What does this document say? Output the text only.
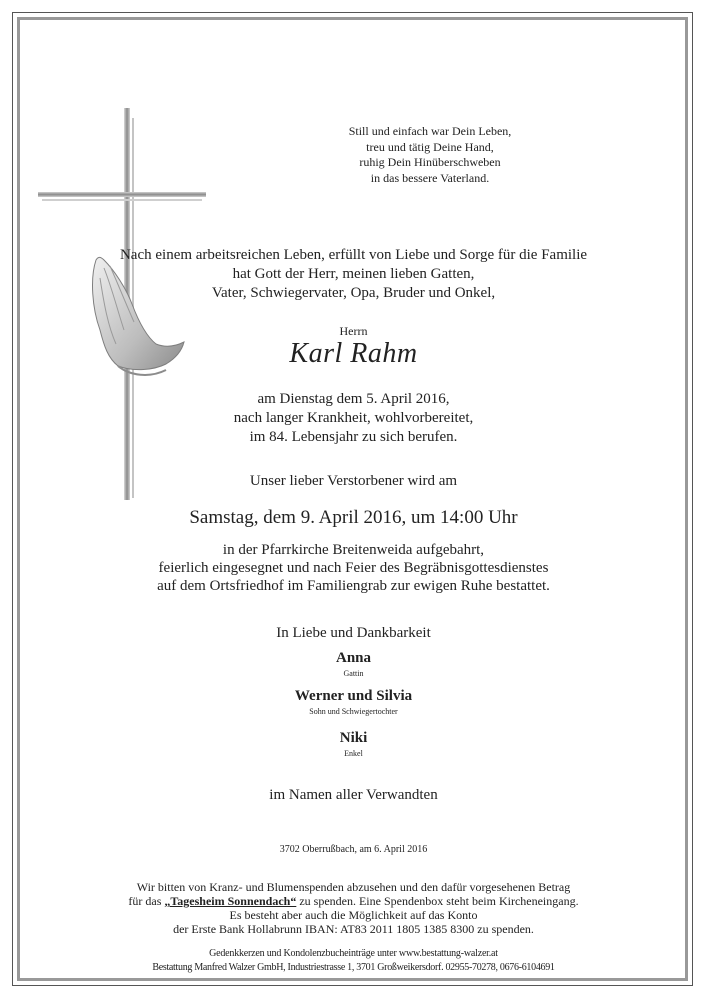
Still und einfach war Dein Leben,
treu und tätig Deine Hand,
ruhig Dein Hinüberschweben
in das bessere Vaterland.
Nach einem arbeitsreichen Leben, erfüllt von Liebe und Sorge für die Familie
hat Gott der Herr, meinen lieben Gatten,
Vater, Schwiegervater, Opa, Bruder und Onkel,
Herrn
Karl Rahm
am Dienstag dem 5. April 2016,
nach langer Krankheit, wohlvorbereitet,
im 84. Lebensjahr zu sich berufen.
Unser lieber Verstorbener wird am
Samstag, dem 9. April 2016, um 14:00 Uhr
in der Pfarrkirche Breitenweida aufgebahrt,
feierlich eingesegnet und nach Feier des Begräbnisgottesdienstes
auf dem Ortsfriedhof im Familiengrab zur ewigen Ruhe bestattet.
In Liebe und Dankbarkeit
Anna
Gattin
Werner und Silvia
Sohn und Schwiegertochter
Niki
Enkel
im Namen aller Verwandten
3702 Oberrußbach, am 6. April 2016
Wir bitten von Kranz- und Blumenspenden abzusehen und den dafür vorgesehenen Betrag
für das „Tagesheim Sonnendach“ zu spenden. Eine Spendenbox steht beim Kircheneingang.
Es besteht aber auch die Möglichkeit auf das Konto
der Erste Bank Hollabrunn IBAN: AT83 2011 1805 1385 8300 zu spenden.
Gedenkkerzen und Kondolenzbucheinträge unter www.bestattung-walzer.at
Bestattung Manfred Walzer GmbH, Industriestrasse 1, 3701 Großweikersdorf. 02955-70278, 0676-6104691
